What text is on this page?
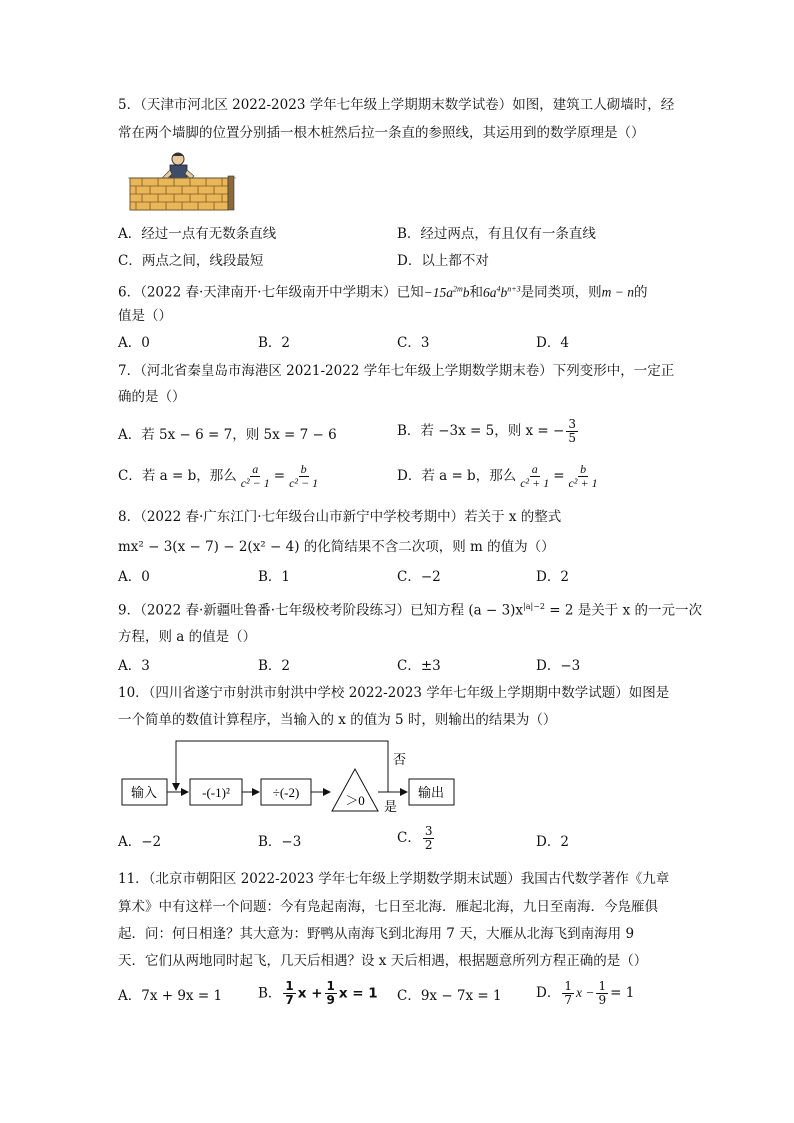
5．（天津市河北区 2022-2023 学年七年级上学期期末数学试卷）如图，建筑工人砌墙时，经
常在两个墙脚的位置分别插一根木桩然后拉一条直的参照线，其运用到的数学原理是（）
A．经过一点有无数条直线	B．经过两点，有且仅有一条直线
C．两点之间，线段最短	D．以上都不对
6．（2022 春·天津南开·七年级南开中学期末）已知$-15a^{2m}b$和$6a^4b^{n+3}$是同类项，则m − n的
值是（）
A．0	B．2	C．3	D．4
7．（河北省秦皇岛市海港区 2021-2022 学年七年级上学期数学期末卷）下列变形中，一定正
确的是（）
A．若 5x − 6 = 7，则 5x = 7 − 6	B．若 −3x = 5，则 x = − $\frac{3}{5}$
C．若 a = b，那么 $\frac{a}{\text{c² − 1}} = \frac{b}{\text{c² − 1}}$	D．若 a = b，那么 $\frac{a}{\text{c² + 1}} = \frac{b}{\text{c² + 1}}$
8．（2022 春·广东江门·七年级台山市新宁中学校考期中）若关于 x 的整式
mx² − 3(x − 7) − 2(x² − 4) 的化简结果不含二次项，则 m 的值为（）
A．0	B．1	C．−2	D．2
9．（2022 春·新疆吐鲁番·七年级校考阶段练习）已知方程 $(a - 3)x^{|a|-2} = 2$ 是关于 x 的一元一次
方程，则 a 的值是（）
A．3	B．2	C．±3	D．−3
10．（四川省遂宁市射洪市射洪中学校 2022-2023 学年七年级上学期期中数学试题）如图是
一个简单的数值计算程序，当输入的 x 的值为 5 时，则输出的结果为（）
输入	-(-1)²	÷(-2)
＞0 是
输出
否
A．−2	B．−3	C． $\frac{3}{2}$	D．2
11．（北京市朝阳区 2022-2023 学年七年级上学期数学期末试题）我国古代数学著作《九章
算术》中有这样一个问题：今有凫起南海，七日至北海．雁起北海，九日至南海．今凫雁俱
起．问：何日相逢？其大意为：野鸭从南海飞到北海用 7 天，大雁从北海飞到南海用 9
天．它们从两地同时起飞，几天后相遇？设 x 天后相遇，根据题意所列方程正确的是（）
A．7x + 9x = 1	B． $\frac{1}{7}$ $x + \frac{1}{9}$ x = 1 C．9x − 7x = 1	D． $\frac{1}{7}$ $x - \frac{1}{9} = 1$
